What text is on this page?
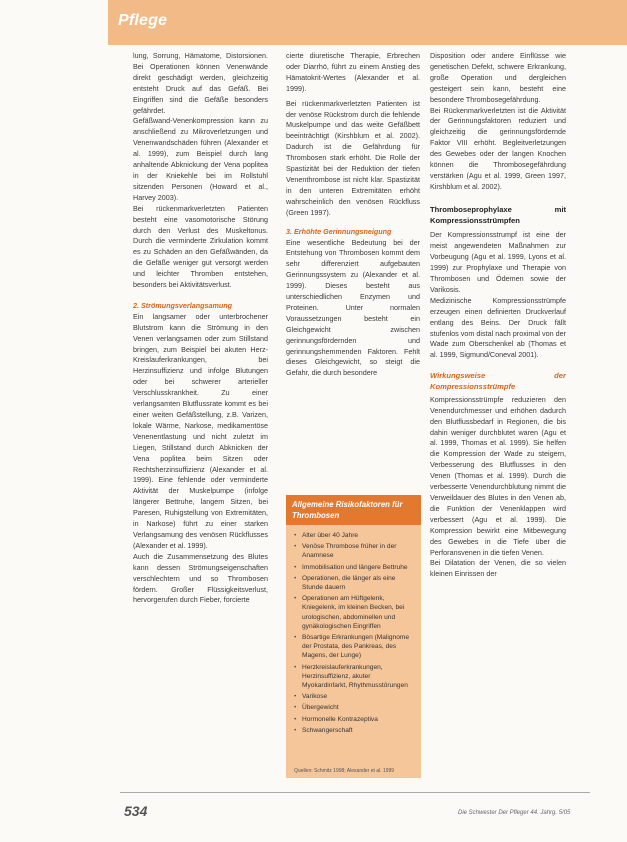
Pflege

lung, Sorrung, Hämatome, Distorsionen. Bei Operationen können Venenwände direkt geschädigt werden, gleichzeitig entsteht Druck auf das Gefäß. Bei Eingriffen sind die Gefäße besonders gefährdet.

Gefäßwand-Venenkompression kann zu anschließend zu Mikroverletzungen und Venenwandschäden führen (Alexander et al. 1999), zum Beispiel durch lang anhaltende Abknickung der Vena poplitea in der Kniekehle bei im Rollstuhl sitzenden Personen (Howard et al., Harvey 2003).

Bei rückenmarkverletzten Patienten besteht eine vasomotorische Störung durch den Verlust des Muskeltonus. Durch die verminderte Zirkulation kommt es zu Schäden an den Gefäßwänden, da die Gefäße weniger gut versorgt werden und leichter Thromben entstehen, besonders bei Aktivitätsverlust.

2. Strömungsverlangsamung

Ein langsamer oder unterbrochener Blutstrom kann die Strömung in den Venen verlangsamen oder zum Stillstand bringen, zum Beispiel bei akuten Herz-Kreislauferkrankungen, bei Herzinsuffizienz und infolge Blutungen oder bei schwerer arterieller Verschlusskrankheit. Zu einer verlangsamten Blutflussrate kommt es bei einer weiten Gefäßstellung, z.B. Varizen, lokale Wärme, Narkose, medikamentöse Venenentlastung und nicht zuletzt im Liegen, Stillstand durch Abknicken der Vena poplitea beim Sitzen oder Rechtsherzinsuffizienz (Alexander et al. 1999). Eine fehlende oder verminderte Aktivität der Muskelpumpe (infolge längerer Bettruhe, langem Sitzen, bei Paresen, Ruhigstellung von Extremitäten, in Narkose) führt zu einer starken Verlangsamung des venösen Rückflusses (Alexander et al. 1999).

Auch die Zusammensetzung des Blutes kann dessen Strömungseigenschaften verschlechtern und so Thrombosen fördern. Großer Flüssigkeitsverlust, hervorgerufen durch Fieber, forcierte

cierte diuretische Therapie, Erbrechen oder Diarrhö, führt zu einem Anstieg des Hämatokrit-Wertes (Alexander et al. 1999).

Bei rückenmarkverletzten Patienten ist der venöse Rückstrom durch die fehlende Muskelpumpe und das weite Gefäßbett beeinträchtigt (Kirshblum et al. 2002). Dadurch ist die Gefährdung für Thrombosen stark erhöht. Die Rolle der Spastizität bei der Reduktion der tiefen Venenthrombose ist nicht klar. Spastizität in den unteren Extremitäten erhöht wahrscheinlich den venösen Rückfluss (Green 1997).

3. Erhöhte Gerinnungsneigung

Eine wesentliche Bedeutung bei der Entstehung von Thrombosen kommt dem sehr differenziert aufgebauten Gerinnungssystem zu (Alexander et al. 1999). Dieses besteht aus unterschiedlichen Enzymen und Proteinen. Unter normalen Voraussetzungen besteht ein Gleichgewicht zwischen gerinnungsfördernden und gerinnungshemmenden Faktoren. Fehlt dieses Gleichgewicht, so steigt die Gefahr, die durch besondere

Allgemeine Risikofaktoren für Thrombosen
• Alter über 40 Jahre
• Venöse Thrombose früher in der Anamnese
• Immobilisation und längere Bettruhe
• Operationen, die länger als eine Stunde dauern
• Operationen am Hüftgelenk, Kniegelenk, im kleinen Becken, bei urologischen, abdominellen und gynäkologischen Eingriffen
• Bösartige Erkrankungen (Malignome der Prostata, des Pankreas, des Magens, der Lunge)
• Herzkreislauferkrankungen, Herzinsuffizienz, akuter Myokardinfarkt, Rhythmusstörungen
• Varikose
• Übergewicht
• Hormonelle Kontrazeptiva
• Schwangerschaft
Quellen: Schmitz 1998; Alexander et al. 1999

Disposition oder andere Einflüsse wie genetischen Defekt, schwere Erkrankung, große Operation und dergleichen gesteigert sein kann, besteht eine besondere Thrombosegefährdung.

Bei Rückenmarkverletzten ist die Aktivität der Gerinnungsfaktoren reduziert und gleichzeitig die gerinnungsfördernde Faktor VIII erhöht. Begleitverletzungen des Gewebes oder der langen Knochen können die Thrombosegefährdung verstärken (Agu et al. 1999, Green 1997, Kirshblum et al. 2002).

Thromboseprophylaxe mit Kompressionsstrümpfen

Der Kompressionsstrumpf ist eine der meist angewendeten Maßnahmen zur Vorbeugung (Agu et al. 1999, Lyons et al. 1999) zur Prophylaxe und Therapie von Thrombosen und Ödemen sowie der Varikosis.

Medizinische Kompressionsstrümpfe erzeugen einen definierten Druckverlauf entlang des Beins. Der Druck fällt stufenlos vom distal nach proximal von der Wade zum Oberschenkel ab (Thomas et al. 1999, Sigmund/Coneval 2001).

Wirkungsweise der Kompressionsstrümpfe

Kompressionsstrümpfe reduzieren den Venendurchmesser und erhöhen dadurch den Blutflussbedarf in Regionen, die bis dahin weniger durchblutet waren (Agu et al. 1999, Thomas et al. 1999). Sie helfen die Kompression der Wade zu steigern, Verbesserung des Blutflusses in den Venen (Thomas et al. 1999). Durch die verbesserte Venendurchblutung nimmt die Verweildauer des Blutes in den Venen ab, die Funktion der Venenklappen wird verbessert (Agu et al. 1999). Die Kompression bewirkt eine Mitbewegung des Gewebes in die Tiefe über die Perforansvenen in die tiefen Venen.

Bei Dilatation der Venen, die so vielen kleinen Einrissen der

534	Die Schwester Der Pfleger 44. Jahrg. 5/05
